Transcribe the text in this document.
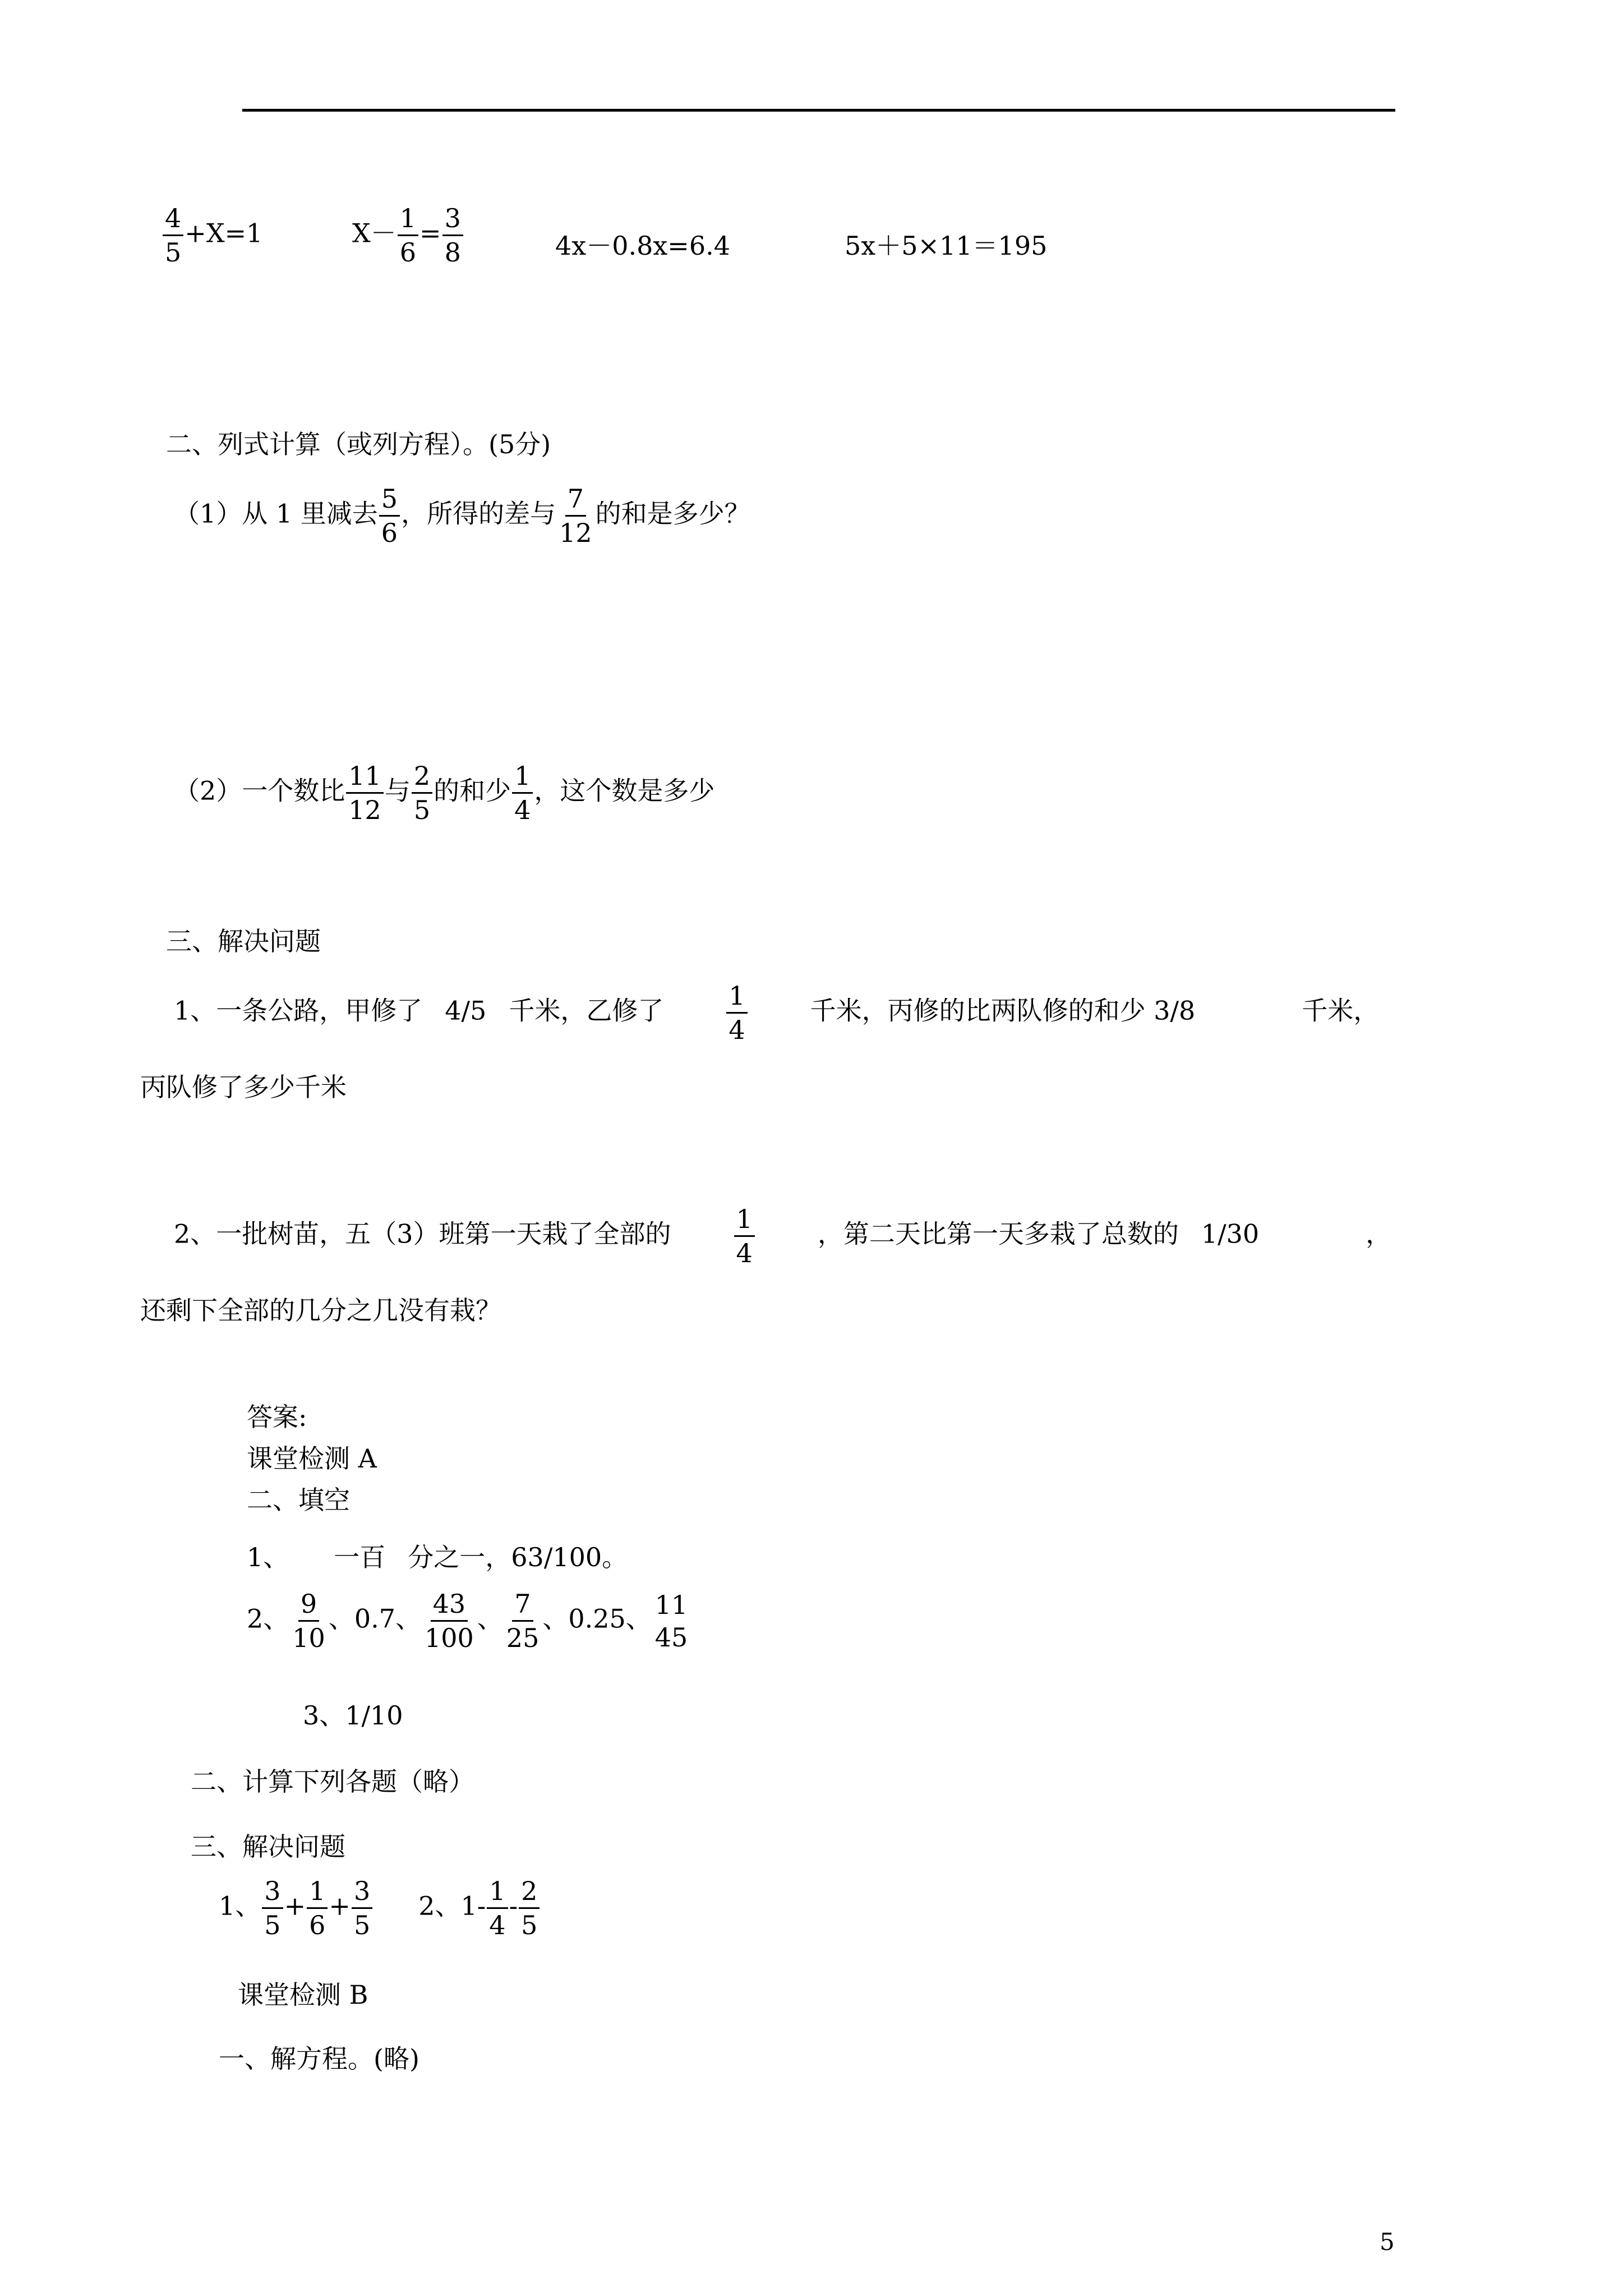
$\frac{4}{5} +X=1$	$X- \frac{1}{6} = \frac{3}{8}$	4x－0.8x=6.4	5x＋5×11＝195
二、列式计算（或列方程）。(5分)
（1）从 1 里减去 $\frac{5}{6}$ ，所得的差与 $\frac{7}{12}$ 的和是多少？
（2）一个数比 $\frac{11}{12}$ 与 $\frac{2}{5}$ 的和少 $\frac{1}{4}$ ，这个数是多少
三、解决问题
1、一条公路，甲修了 4/5 千米，乙修了 $\frac{1}{4}$ 千米，丙修的比两队修的和少 3/8	千米，
丙队修了多少千米
2、一批树苗，五（3）班第一天栽了全部的 $\frac{1}{4}$ ，第二天比第一天多栽了总数的 1/30	，
还剩下全部的几分之几没有栽？
答案:
课堂检测 A
二、填空
1、 一百 分之一，63/100。
2、 $\frac{9}{10}$ 、0.7、 $\frac{43}{100}$ 、 $\frac{7}{25}$ 、0.25、 11
45
3、1/10
二、计算下列各题（略）
三、解决问题
1、 $\frac{3}{5} + \frac{1}{6} + \frac{3}{5} 2$、$1- \frac{1}{4} - \frac{2}{5}$
课堂检测 B
一、解方程。(略)
5
